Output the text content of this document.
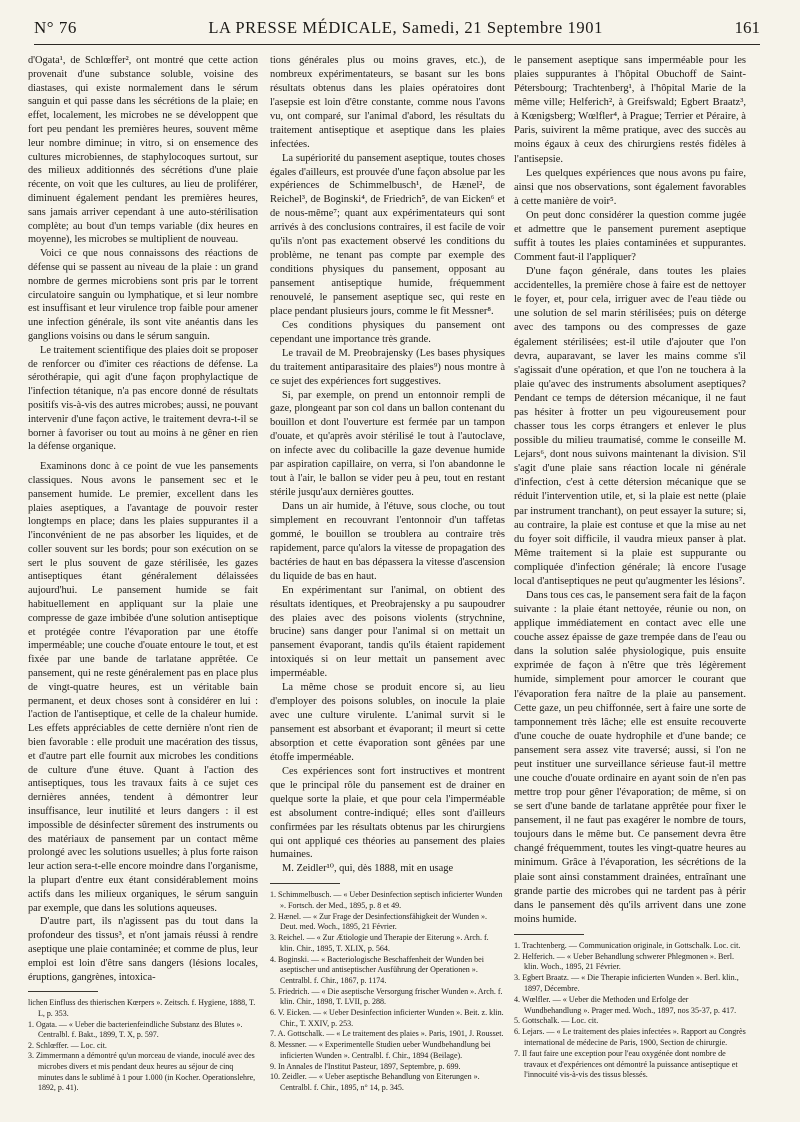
N° 76	LA PRESSE MÉDICALE, Samedi, 21 Septembre 1901	161

d'Ogata¹, de Schlœffer², ont montré que cette action provenait d'une substance soluble, voisine des diastases, qui existe normalement dans le sérum sanguin et qui passe dans les sécrétions de la plaie; en effet, localement, les microbes ne se développent que fort peu pendant les premières heures, souvent même leur nombre diminue; in vitro, si on ensemence des cultures microbiennes, de staphylocoques surtout, sur des milieux additionnés des sécrétions d'une plaie récente, on voit que les cultures, au lieu de proliférer, diminuent également pendant les premières heures, sans jamais arriver cependant à une auto-stérilisation complète; au bout d'un temps variable (dix heures en moyenne), les microbes se multiplient de nouveau.

Voici ce que nous connaissons des réactions de défense qui se passent au niveau de la plaie : un grand nombre de germes microbiens sont pris par le torrent circulatoire sanguin ou lymphatique, et si leur nombre est insuffisant et leur virulence trop faible pour amener une infection générale, ils sont vite anéantis dans les ganglions voisins ou dans le sérum sanguin.

Le traitement scientifique des plaies doit se proposer de renforcer ou d'imiter ces réactions de défense. La sérothérapie, qui agit d'une façon prophylactique de l'infection tétanique, n'a pas encore donné de résultats positifs vis-à-vis des autres microbes; aussi, ne pouvant intervenir d'une façon active, le traitement devra-t-il se borner à favoriser ou tout au moins à ne gêner en rien la défense organique.

Examinons donc à ce point de vue les pansements classiques. Nous avons le pansement sec et le pansement humide. Le premier, excellent dans les plaies aseptiques, a l'avantage de pouvoir rester longtemps en place; dans les plaies suppurantes il a l'inconvénient de ne pas absorber les liquides, et de coller souvent sur les bords; pour son exécution on se sert le plus souvent de gaze stérilisée, les gazes antiseptiques étant généralement délaissées aujourd'hui. Le pansement humide se fait habituellement en appliquant sur la plaie une compresse de gaze imbibée d'une solution antiseptique et protégée contre l'évaporation par une étoffe imperméable; une couche d'ouate entoure le tout, et est fixée par une bande de tarlatane apprêtée. Ce pansement, qui ne reste généralement pas en place plus de vingt-quatre heures, est un véritable bain permanent, et deux choses sont à considérer en lui : l'action de l'antiseptique, et celle de la chaleur humide. Les effets appréciables de cette dernière n'ont rien de bien favorable : elle produit une macération des tissus, et d'autre part elle fournit aux microbes les conditions de culture d'une étuve. Quant à l'action des antiseptiques, tous les travaux faits à ce sujet ces dernières années, tendent à démontrer leur insuffisance, leur inutilité et leurs dangers : il est impossible de désinfecter sûrement des instruments ou des matériaux de pansement par un contact même prolongé avec les solutions usuelles; à plus forte raison leur action sera-t-elle encore moindre dans l'organisme, la plupart d'entre eux étant considérablement moins actifs dans les milieux organiques, le sérum sanguin par exemple, que dans les solutions aqueuses.

D'autre part, ils n'agissent pas du tout dans la profondeur des tissus³, et n'ont jamais réussi à rendre aseptique une plaie contaminée; et comme de plus, leur emploi est loin d'être sans dangers (lésions locales, éruptions, gangrènes, intoxica-

lichen Einfluss des thierischen Kœrpers ». Zeitsch. f. Hygiene, 1888, T. L, p. 353.
1. Ogata. — « Ueber die bacterienfeindliche Substanz des Blutes ». Centralbl. f. Bakt., 1899, T. X, p. 597.
2. Schlœffer. — Loc. cit.
3. Zimmermann a démontré qu'un morceau de viande, inoculé avec des microbes divers et mis pendant deux heures au séjour de cinq minutes dans le sublimé à 1 pour 1.000 (in Kocher. Operationslehre, 1892, p. 41).

tions générales plus ou moins graves, etc.), de nombreux expérimentateurs, se basant sur les bons résultats obtenus dans les plaies opératoires dont l'asepsie est loin d'être constante, comme nous l'avons vu, ont comparé, sur l'animal d'abord, les résultats du traitement antiseptique et aseptique dans les plaies infectées.

La supériorité du pansement aseptique, toutes choses égales d'ailleurs, est prouvée d'une façon absolue par les expériences de Schimmelbusch¹, de Hænel², de Reichel³, de Boginski⁴, de Friedrich⁵, de van Eicken⁶ et de nous-même⁷; quant aux expérimentateurs qui sont arrivés à des conclusions contraires, il est facile de voir qu'ils n'ont pas exactement observé les conditions du problème, ne tenant pas compte par exemple des conditions physiques du pansement, opposant au pansement antiseptique humide, fréquemment renouvelé, le pansement aseptique sec, qui reste en place pendant plusieurs jours, comme le fit Messner⁸.

Ces conditions physiques du pansement ont cependant une importance très grande.

Le travail de M. Preobrajensky (Les bases physiques du traitement antiparasitaire des plaies⁹) nous montre à ce sujet des expériences fort suggestives.

Si, par exemple, on prend un entonnoir rempli de gaze, plongeant par son col dans un ballon contenant du bouillon et dont l'ouverture est fermée par un tampon d'ouate, et qu'après avoir stérilisé le tout à l'autoclave, on infecte avec du colibacille la gaze devenue humide par aspiration capillaire, on verra, si l'on abandonne le tout à l'air, le ballon se vider peu à peu, tout en restant stérile jusqu'aux dernières gouttes.

Dans un air humide, à l'étuve, sous cloche, ou tout simplement en recouvrant l'entonnoir d'un taffetas gommé, le bouillon se troublera au contraire très rapidement, parce qu'alors la vitesse de propagation des bactéries de haut en bas dépassera la vitesse d'ascension du liquide de bas en haut.

En expérimentant sur l'animal, on obtient des résultats identiques, et Preobrajensky a pu saupoudrer des plaies avec des poisons violents (strychnine, brucine) sans danger pour l'animal si on mettait un pansement évaporant, tandis qu'ils étaient rapidement intoxiqués si on leur mettait un pansement avec imperméable.

La même chose se produit encore si, au lieu d'employer des poisons solubles, on inocule la plaie avec une culture virulente. L'animal survit si le pansement est absorbant et évaporant; il meurt si cette absorption et cette évaporation sont gênées par une étoffe imperméable.

Ces expériences sont fort instructives et montrent que le principal rôle du pansement est de drainer en quelque sorte la plaie, et que pour cela l'imperméable est absolument contre-indiqué; elles sont d'ailleurs confirmées par les résultats obtenus par les chirurgiens qui ont appliqué ces théories au pansement des plaies humaines.

M. Zeidler¹⁰, qui, dès 1888, mit en usage

1. Schimmelbusch. — « Ueber Desinfection septisch inficierter Wunden ». Fortsch. der Med., 1895, p. 8 et 49.
2. Hænel. — « Zur Frage der Desinfectionsfähigkeit der Wunden ». Deut. med. Woch., 1895, 21 Février.
3. Reichel. — « Zur Ætiologie und Therapie der Eiterung ». Arch. f. klin. Chir., 1895, T. XLIX, p. 564.
4. Boginski. — « Bacteriologische Beschaffenheit der Wunden bei aseptischer und antiseptischer Ausführung der Operationen ». Centralbl. f. Chir., 1867, p. 1174.
5. Friedrich. — « Die aseptische Versorgung frischer Wunden ». Arch. f. klin. Chir., 1898, T. LVII, p. 288.
6. V. Eicken. — « Ueber Desinfection inficierter Wunden ». Beit. z. klin. Chir., T. XXIV, p. 253.
7. A. Gottschalk. — « Le traitement des plaies ». Paris, 1901, J. Rousset.
8. Messner. — « Experimentelle Studien ueber Wundbehandlung bei inficierten Wunden ». Centralbl. f. Chir., 1894 (Beilage).
9. In Annales de l'Institut Pasteur, 1897, Septembre, p. 699.
10. Zeidler. — « Ueber aseptische Behandlung von Eiterungen ». Centralbl. f. Chir., 1895, n° 14, p. 345.

le pansement aseptique sans imperméable pour les plaies suppurantes à l'hôpital Obuchoff de Saint-Pétersbourg; Trachtenberg¹, à l'hôpital Marie de la même ville; Helferich², à Greifswald; Egbert Braatz³, à Kœnigsberg; Wœlfler⁴, à Prague; Terrier et Péraire, à Paris, suivirent la même pratique, avec des succès au moins égaux à ceux des chirurgiens restés fidèles à l'antisepsie.

Les quelques expériences que nous avons pu faire, ainsi que nos observations, sont également favorables à cette manière de voir⁵.

On peut donc considérer la question comme jugée et admettre que le pansement purement aseptique suffit à toutes les plaies contaminées et suppurantes. Comment faut-il l'appliquer?

D'une façon générale, dans toutes les plaies accidentelles, la première chose à faire est de nettoyer le foyer, et, pour cela, irriguer avec de l'eau tiède ou une solution de sel marin stérilisées; puis on déterge avec des tampons ou des compresses de gaze également stérilisées; est-il utile d'ajouter que l'on devra, auparavant, se laver les mains comme s'il s'agissait d'une opération, et que l'on ne touchera à la plaie qu'avec des instruments absolument aseptiques? Pendant ce temps de détersion mécanique, il ne faut pas hésiter à frotter un peu vigoureusement pour chasser tous les corps étrangers et enlever le plus possible du milieu traumatisé, comme le conseille M. Lejars⁶, dont nous suivons maintenant la division. S'il s'agit d'une plaie sans réaction locale ni générale d'infection, c'est à cette détersion mécanique que se réduit l'intervention utile, et, si la plaie est nette (plaie par instrument tranchant), on peut essayer la suture; si, au contraire, la plaie est contuse et que la mise au net du foyer soit difficile, il vaudra mieux panser à plat. Même traitement si la plaie est suppurante ou compliquée d'infection générale; là encore l'usage local d'antiseptiques ne peut qu'augmenter les lésions⁷.

Dans tous ces cas, le pansement sera fait de la façon suivante : la plaie étant nettoyée, réunie ou non, on applique immédiatement en contact avec elle une couche assez épaisse de gaze trempée dans de l'eau ou dans la solution salée physiologique, puis ensuite exprimée de façon à n'être que très légèrement humide, simplement pour amorcer le courant que l'évaporation fera naître de la plaie au pansement. Cette gaze, un peu chiffonnée, sert à faire une sorte de tamponnement très lâche; elle est ensuite recouverte d'une couche de ouate hydrophile et d'une bande; ce pansement sera assez vite traversé; aussi, si l'on ne peut instituer une surveillance sérieuse faut-il mettre une couche d'ouate ordinaire en ayant soin de n'en pas mettre trop pour gêner l'évaporation; de même, si on se sert d'une bande de tarlatane apprêtée pour fixer le pansement, il ne faut pas exagérer le nombre de tours, toujours dans le même but. Ce pansement devra être changé fréquemment, toutes les vingt-quatre heures au minimum. Grâce à l'évaporation, les sécrétions de la plaie sont ainsi constamment drainées, entraînant une grande partie des microbes qui ne tardent pas à périr dans le pansement dès qu'ils arrivent dans une zone moins humide.

1. Trachtenberg. — Communication originale, in Gottschalk. Loc. cit.
2. Helferich. — « Ueber Behandlung schwerer Phlegmonen ». Berl. klin. Woch., 1895, 21 Février.
3. Egbert Braatz. — « Die Therapie inficierten Wunden ». Berl. klin., 1897, Décembre.
4. Wœlfler. — « Ueber die Methoden und Erfolge der Wundbehandlung ». Prager med. Woch., 1897, nos 35-37, p. 417.
5. Gottschalk. — Loc. cit.
6. Lejars. — « Le traitement des plaies infectées ». Rapport au Congrès international de médecine de Paris, 1900, Section de chirurgie.
7. Il faut faire une exception pour l'eau oxygénée dont nombre de travaux et d'expériences ont démontré la puissance antiseptique et l'innocuité vis-à-vis des tissus blessés.
